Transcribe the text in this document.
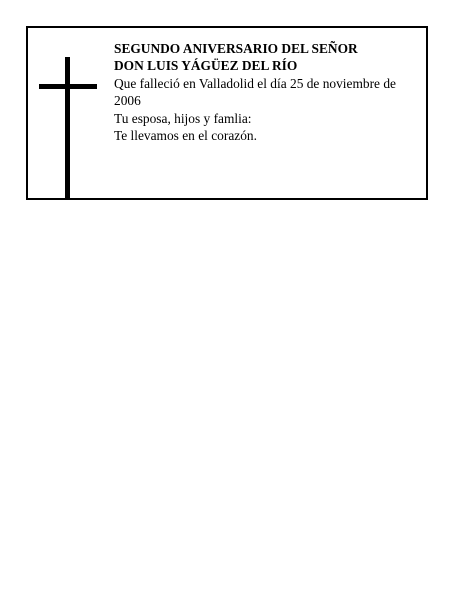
SEGUNDO ANIVERSARIO DEL SEÑOR

DON LUIS YÁGÜEZ DEL RÍO

Que falleció en Valladolid el día 25 de noviembre de 2006

Tu esposa, hijos y famlia:

Te llevamos en el corazón.
